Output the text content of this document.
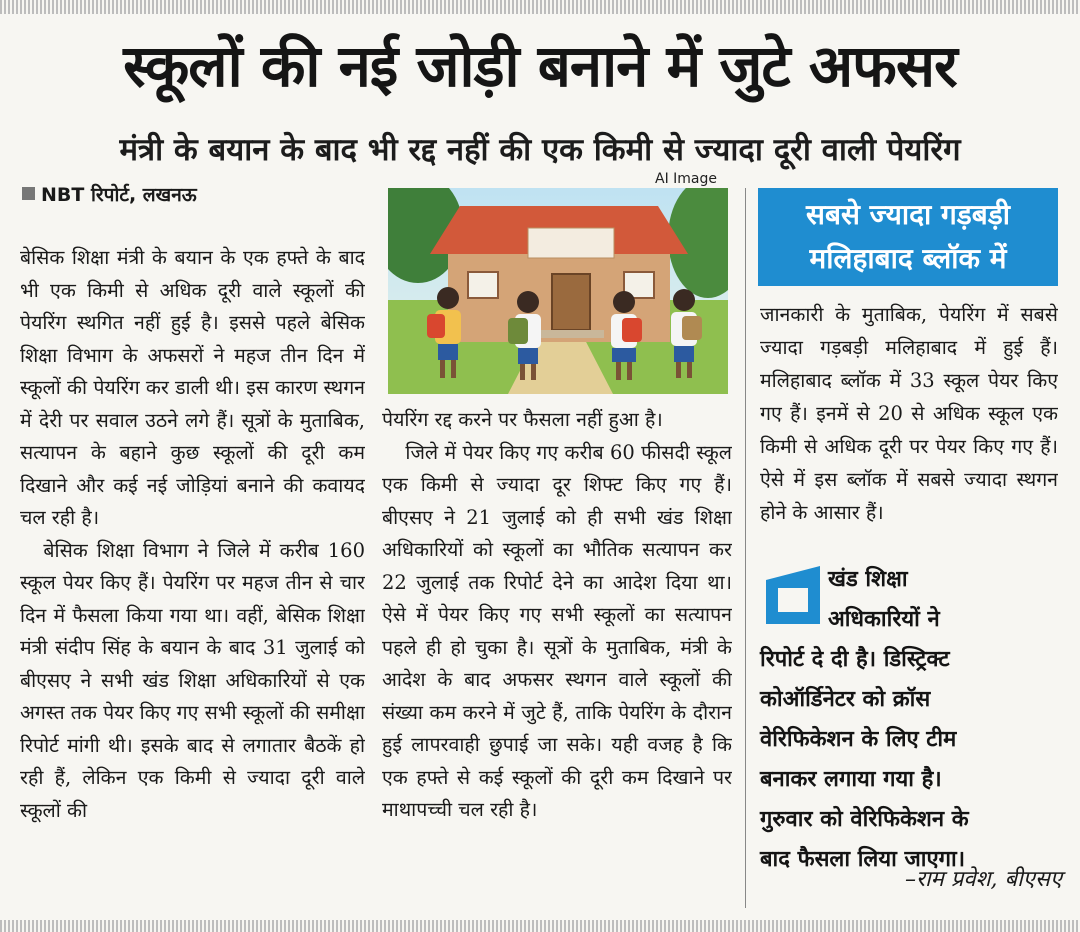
स्कूलों की नई जोड़ी बनाने में जुटे अफसर
मंत्री के बयान के बाद भी रद्द नहीं की एक किमी से ज्यादा दूरी वाली पेयरिंग
NBT रिपोर्ट, लखनऊ

बेसिक शिक्षा मंत्री के बयान के एक हफ्ते के बाद भी एक किमी से अधिक दूरी वाले स्कूलों की पेयरिंग स्थगित नहीं हुई है। इससे पहले बेसिक शिक्षा विभाग के अफसरों ने महज तीन दिन में स्कूलों की पेयरिंग कर डाली थी। इस कारण स्थगन में देरी पर सवाल उठने लगे हैं। सूत्रों के मुताबिक, सत्यापन के बहाने कुछ स्कूलों की दूरी कम दिखाने और कई नई जोड़ियां बनाने की कवायद चल रही है।

बेसिक शिक्षा विभाग ने जिले में करीब 160 स्कूल पेयर किए हैं। पेयरिंग पर महज तीन से चार दिन में फैसला किया गया था। वहीं, बेसिक शिक्षा मंत्री संदीप सिंह के बयान के बाद 31 जुलाई को बीएसए ने सभी खंड शिक्षा अधिकारियों से एक अगस्त तक पेयर किए गए सभी स्कूलों की समीक्षा रिपोर्ट मांगी थी। इसके बाद से लगातार बैठकें हो रही हैं, लेकिन एक किमी से ज्यादा दूरी वाले स्कूलों की

AI Image

पेयरिंग रद्द करने पर फैसला नहीं हुआ है।

जिले में पेयर किए गए करीब 60 फीसदी स्कूल एक किमी से ज्यादा दूर शिफ्ट किए गए हैं। बीएसए ने 21 जुलाई को ही सभी खंड शिक्षा अधिकारियों को स्कूलों का भौतिक सत्यापन कर 22 जुलाई तक रिपोर्ट देने का आदेश दिया था। ऐसे में पेयर किए गए सभी स्कूलों का सत्यापन पहले ही हो चुका है। सूत्रों के मुताबिक, मंत्री के आदेश के बाद अफसर स्थगन वाले स्कूलों की संख्या कम करने में जुटे हैं, ताकि पेयरिंग के दौरान हुई लापरवाही छुपाई जा सके। यही वजह है कि एक हफ्ते से कई स्कूलों की दूरी कम दिखाने पर माथापच्ची चल रही है।

सबसे ज्यादा गड़बड़ी
मलिहाबाद ब्लॉक में
जानकारी के मुताबिक, पेयरिंग में सबसे ज्यादा गड़बड़ी मलिहाबाद में हुई हैं। मलिहाबाद ब्लॉक में 33 स्कूल पेयर किए गए हैं। इनमें से 20 से अधिक स्कूल एक किमी से अधिक दूरी पर पेयर किए गए हैं। ऐसे में इस ब्लॉक में सबसे ज्यादा स्थगन होने के आसार हैं।
खंड शिक्षा
अधिकारियों ने
रिपोर्ट दे दी है। डिस्ट्रिक्ट
कोऑर्डिनेटर को क्रॉस
वेरिफिकेशन के लिए टीम
बनाकर लगाया गया है।
गुरुवार को वेरिफिकेशन के
बाद फैसला लिया जाएगा।
–राम प्रवेश, बीएसए
